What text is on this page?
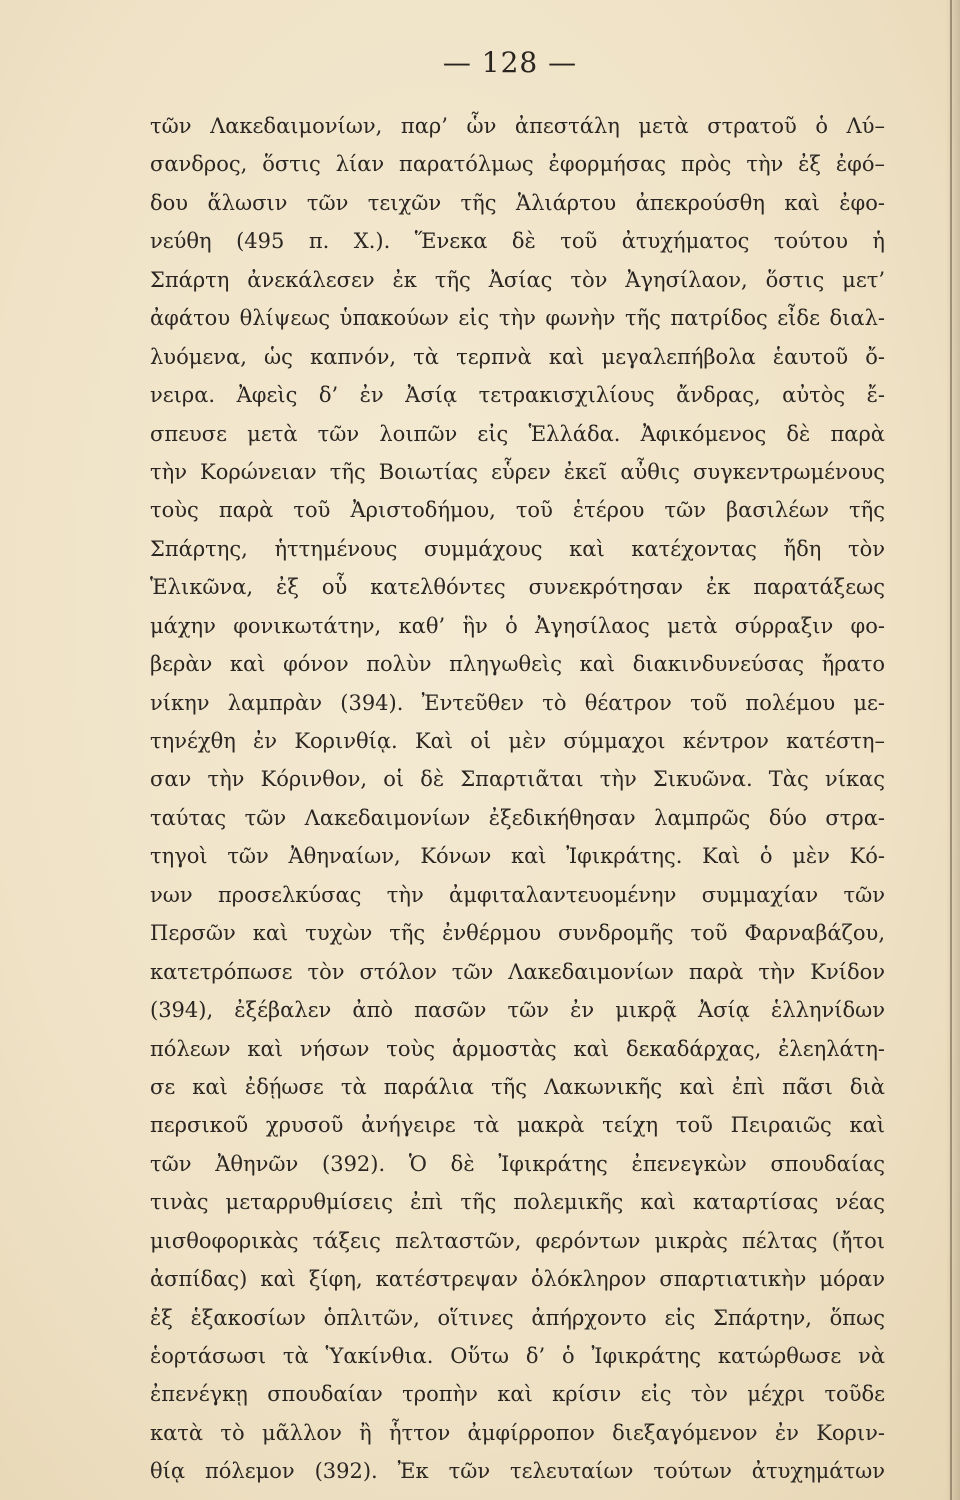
— 128 —
τῶν Λακεδαιμονίων, παρ’ ὧν ἀπεστάλη μετὰ στρατοῦ ὁ Λύ–
σανδρος, ὅστις λίαν παρατόλμως ἐφορμήσας πρὸς τὴν ἐξ ἐφό–
δου ἅλωσιν τῶν τειχῶν τῆς Ἁλιάρτου ἀπεκρούσθη καὶ ἐφο-
νεύθη (495 π. Χ.). Ἕνεκα δὲ τοῦ ἀτυχήματος τούτου ἡ
Σπάρτη ἀνεκάλεσεν ἐκ τῆς Ἀσίας τὸν Ἀγησίλαον, ὅστις μετ’
ἀφάτου θλίψεως ὑπακούων εἰς τὴν φωνὴν τῆς πατρίδος εἶδε διαλ-
λυόμενα, ὡς καπνόν, τὰ τερπνὰ καὶ μεγαλεπήβολα ἑαυτοῦ ὄ-
νειρα. Ἀφεὶς δ’ ἐν Ἀσίᾳ τετρακισχιλίους ἄνδρας, αὐτὸς ἔ-
σπευσε μετὰ τῶν λοιπῶν εἰς Ἑλλάδα. Ἀφικόμενος δὲ παρὰ
τὴν Κορώνειαν τῆς Βοιωτίας εὗρεν ἐκεῖ αὖθις συγκεντρωμένους
τοὺς παρὰ τοῦ Ἀριστοδήμου, τοῦ ἑτέρου τῶν βασιλέων τῆς
Σπάρτης, ἡττημένους συμμάχους καὶ κατέχοντας ἤδη τὸν
Ἑλικῶνα, ἐξ οὗ κατελθόντες συνεκρότησαν ἐκ παρατάξεως
μάχην φονικωτάτην, καθ’ ἣν ὁ Ἀγησίλαος μετὰ σύρραξιν φο-
βερὰν καὶ φόνον πολὺν πληγωθεὶς καὶ διακινδυνεύσας ἤρατο
νίκην λαμπρὰν (394). Ἐντεῦθεν τὸ θέατρον τοῦ πολέμου με-
τηνέχθη ἐν Κορινθίᾳ. Καὶ οἱ μὲν σύμμαχοι κέντρον κατέστη–
σαν τὴν Κόρινθον, οἱ δὲ Σπαρτιᾶται τὴν Σικυῶνα. Τὰς νίκας
ταύτας τῶν Λακεδαιμονίων ἐξεδικήθησαν λαμπρῶς δύο στρα-
τηγοὶ τῶν Ἀθηναίων, Κόνων καὶ Ἰφικράτης. Καὶ ὁ μὲν Κό-
νων προσελκύσας τὴν ἀμφιταλαντευομένην συμμαχίαν τῶν
Περσῶν καὶ τυχὼν τῆς ἐνθέρμου συνδρομῆς τοῦ Φαρναβάζου,
κατετρόπωσε τὸν στόλον τῶν Λακεδαιμονίων παρὰ τὴν Κνίδον
(394), ἐξέβαλεν ἀπὸ πασῶν τῶν ἐν μικρᾷ Ἀσίᾳ ἑλληνίδων
πόλεων καὶ νήσων τοὺς ἁρμοστὰς καὶ δεκαδάρχας, ἐλεηλάτη-
σε καὶ ἐδῄωσε τὰ παράλια τῆς Λακωνικῆς καὶ ἐπὶ πᾶσι διὰ
περσικοῦ χρυσοῦ ἀνήγειρε τὰ μακρὰ τείχη τοῦ Πειραιῶς καὶ
τῶν Ἀθηνῶν (392). Ὁ δὲ Ἰφικράτης ἐπενεγκὼν σπουδαίας
τινὰς μεταρρυθμίσεις ἐπὶ τῆς πολεμικῆς καὶ καταρτίσας νέας
μισθοφορικὰς τάξεις πελταστῶν, φερόντων μικρὰς πέλτας (ἤτοι
ἀσπίδας) καὶ ξίφη, κατέστρεψαν ὁλόκληρον σπαρτιατικὴν μόραν
ἐξ ἑξακοσίων ὁπλιτῶν, οἵτινες ἀπήρχοντο εἰς Σπάρτην, ὅπως
ἑορτάσωσι τὰ Ὑακίνθια. Οὕτω δ’ ὁ Ἰφικράτης κατώρθωσε νὰ
ἐπενέγκῃ σπουδαίαν τροπὴν καὶ κρίσιν εἰς τὸν μέχρι τοῦδε
κατὰ τὸ μᾶλλον ἢ ἧττον ἀμφίρροπον διεξαγόμενον ἐν Κοριν-
θίᾳ πόλεμον (392). Ἐκ τῶν τελευταίων τούτων ἀτυχημάτων
